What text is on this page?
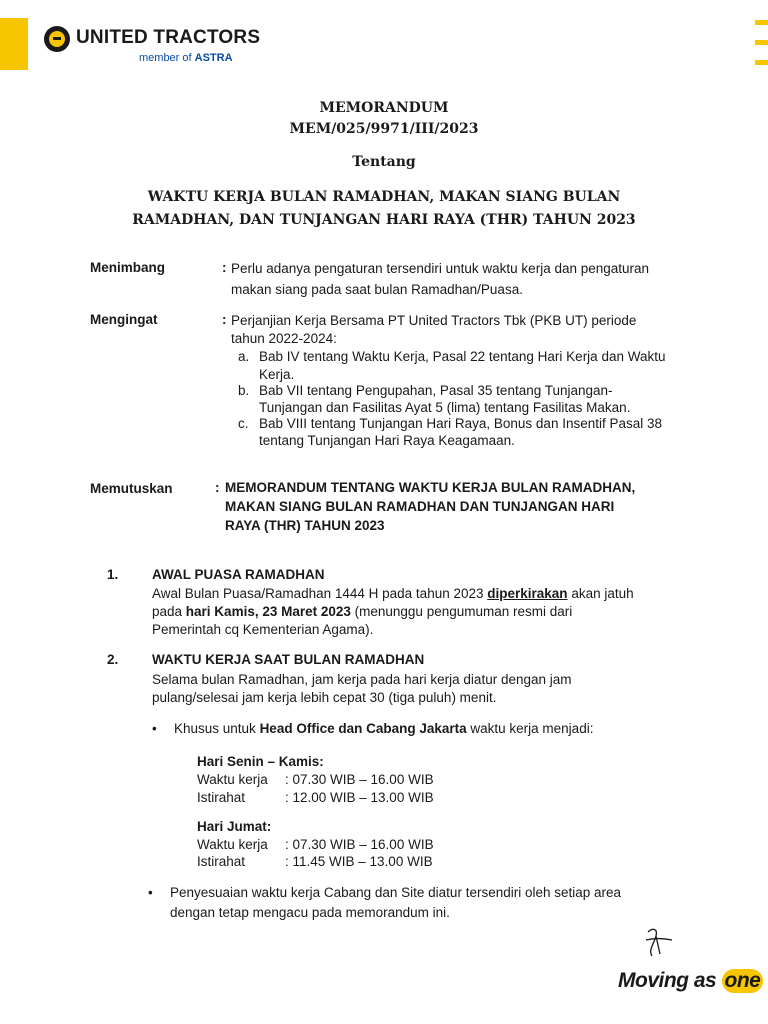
UNITED TRACTORS
member of ASTRA
MEMORANDUM
MEM/025/9971/III/2023
Tentang
WAKTU KERJA BULAN RAMADHAN, MAKAN SIANG BULAN
RAMADHAN, DAN TUNJANGAN HARI RAYA (THR) TAHUN 2023
Menimbang	: Perlu adanya pengaturan tersendiri untuk waktu kerja dan pengaturan
makan siang pada saat bulan Ramadhan/Puasa.
Mengingat	: Perjanjian Kerja Bersama PT United Tractors Tbk (PKB UT) periode
tahun 2022-2024:
a. Bab IV tentang Waktu Kerja, Pasal 22 tentang Hari Kerja dan Waktu
Kerja.
b. Bab VII tentang Pengupahan, Pasal 35 tentang Tunjangan-
Tunjangan dan Fasilitas Ayat 5 (lima) tentang Fasilitas Makan.
c. Bab VIII tentang Tunjangan Hari Raya, Bonus dan Insentif Pasal 38
tentang Tunjangan Hari Raya Keagamaan.
Memutuskan	: MEMORANDUM TENTANG WAKTU KERJA BULAN RAMADHAN,
MAKAN SIANG BULAN RAMADHAN DAN TUNJANGAN HARI
RAYA (THR) TAHUN 2023
1. AWAL PUASA RAMADHAN
Awal Bulan Puasa/Ramadhan 1444 H pada tahun 2023 diperkirakan akan jatuh
pada hari Kamis, 23 Maret 2023 (menunggu pengumuman resmi dari
Pemerintah cq Kementerian Agama).
2. WAKTU KERJA SAAT BULAN RAMADHAN
Selama bulan Ramadhan, jam kerja pada hari kerja diatur dengan jam
pulang/selesai jam kerja lebih cepat 30 (tiga puluh) menit.
• Khusus untuk Head Office dan Cabang Jakarta waktu kerja menjadi:
Hari Senin – Kamis:
Waktu kerja : 07.30 WIB – 16.00 WIB
Istirahat	: 12.00 WIB – 13.00 WIB
Hari Jumat:
Waktu kerja : 07.30 WIB – 16.00 WIB
Istirahat	: 11.45 WIB – 13.00 WIB
• Penyesuaian waktu kerja Cabang dan Site diatur tersendiri oleh setiap area
dengan tetap mengacu pada memorandum ini.
Moving as one
